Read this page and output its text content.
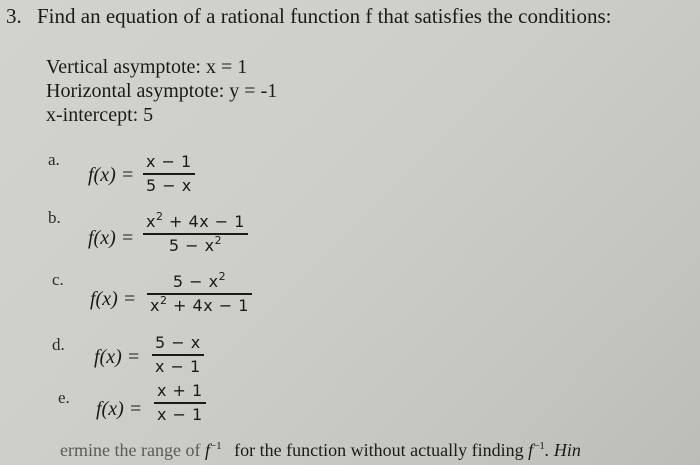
3. Find an equation of a rational function f that satisfies the conditions:
Vertical asymptote: x = 1
Horizontal asymptote: y = -1
x-intercept: 5
a.
f(x) =
x − 1
5 − x
b.
f(x) =
$x^2 + 4x - 1$
$5 - x^2$
c.
f(x) =
$5 - x^2$
$x^2 + 4x - 1$
d.
f(x) =
5 − x
x − 1
e.
f(x) =
x + 1
x − 1
ermine the range of $f^{-1}$ for the function without actually finding $f^{-1}$. Hin
